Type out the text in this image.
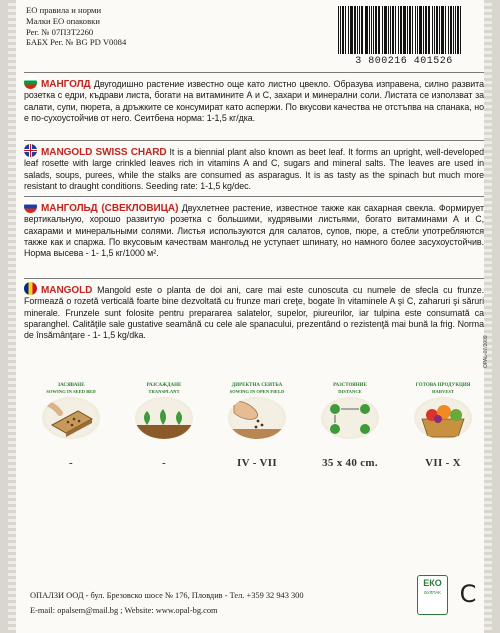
ЕО правила и норми
Малки ЕО опаковки
Рег. № 07ПЗТ2260
БАБХ Рег. № BG PD V0084
3 800216 401526
МАНГОЛД Двугодишно растение известно още като листно цвекло. Образува изправена, силно развита розетка с едри, къдрави листа, богати на витамините А и С, захари и минерални соли. Листата се използват за салати, супи, пюрета, а дръжките се консумират като аспержи. По вкусови качества не отстъпва на спанака, но е по-сухоустойчив от него. Сеитбена норма: 1-1,5 кг/дка.
MANGOLD SWISS CHARD It is a biennial plant also known as beet leaf. It forms an upright, well-developed leaf rosette with large crinkled leaves rich in vitamins A and C, sugars and mineral salts. The leaves are used in salads, soups, purees, while the stalks are consumed as asparagus. It is as tasty as the spinach but much more resistant to draught conditions. Seeding rate: 1-1,5 kg/dec.
МАНГОЛЬД (СВЕКЛОВИЦА) Двухлетнее растение, известное также как сахарная свекла. Формирует вертикальную, хорошо развитую розетка с большими, кудрявыми листьями, богато витаминами А и С, сахарами и минеральными солями. Листья используются для салатов, супов, пюре, а стебли употребляются также как и спаржа. По вкусовым качествам мангольд не уступает шпинату, но намного более засухоустойчив. Норма высева - 1- 1,5 кг/1000 м².
MANGOLD Mangold este o planta de doi ani, care mai este cunoscuta cu numele de sfecla cu frunze. Formează o rozetă verticală foarte bine dezvoltată cu frunze mari creţe, bogate în vitaminele A şi C, zaharuri şi săruri minerale. Frunzele sunt folosite pentru prepararea salatelor, supelor, piureurilor, iar tulpina este consumată ca sparanghel. Calităţile sale gustative seamănă cu cele ale spanacului, prezentând o rezistenţă mai bună la frig. Norma de însămânţare - 1- 1,5 kg/dka.
ЗАСЯВАНЕ
SOWING IN SEED BED
-
РАЗСАЖДАНЕ
TRANSPLANT
-
ДИРЕКТНА СЕИТБА
SOWING IN OPEN FIELD
IV - VII
РАЗСТОЯНИЕ
DISTANCE
35 x 40 cm.
ГОТОВА ПРОДУКЦИЯ
HARVEST
VII - X
OPAL-07/2009
ОПАЛЗИ ООД - бул. Брезовско шосе № 176, Пловдив - Тел. +359 32 943 300
E-mail: opalsem@mail.bg ; Website: www.opal-bg.com
ЕКО
БУЛПАК C
